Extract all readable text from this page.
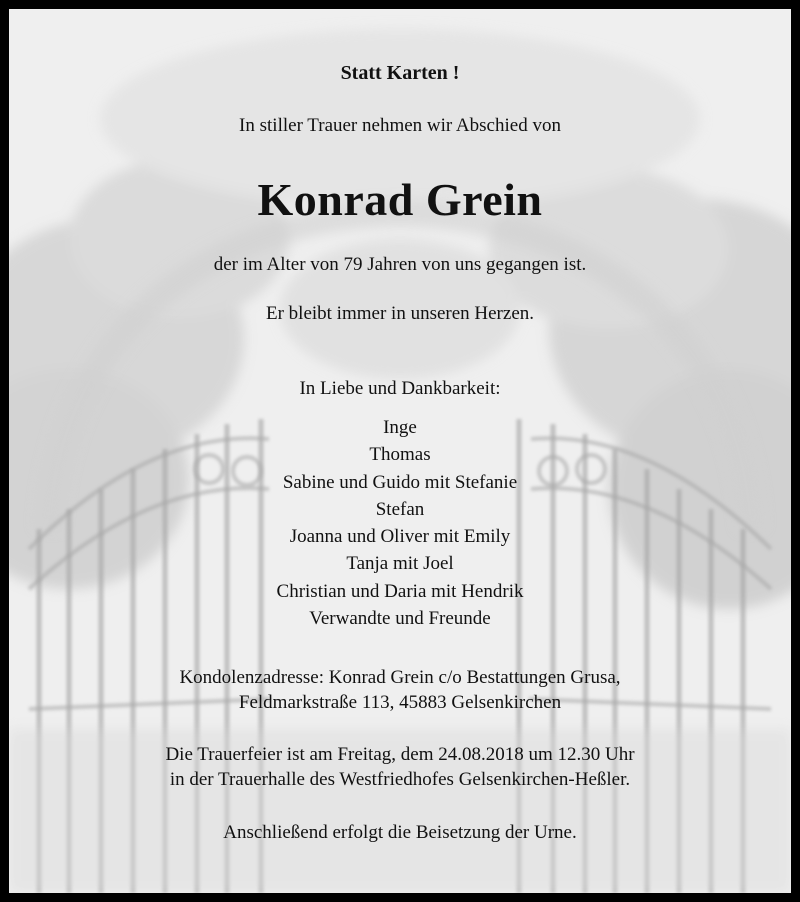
Statt Karten !
In stiller Trauer nehmen wir Abschied von
Konrad Grein
der im Alter von 79 Jahren von uns gegangen ist.
Er bleibt immer in unseren Herzen.
In Liebe und Dankbarkeit:
Inge
Thomas
Sabine und Guido mit Stefanie
Stefan
Joanna und Oliver mit Emily
Tanja mit Joel
Christian und Daria mit Hendrik
Verwandte und Freunde
Kondolenzadresse: Konrad Grein c/o Bestattungen Grusa,
Feldmarkstraße 113, 45883 Gelsenkirchen
Die Trauerfeier ist am Freitag, dem 24.08.2018 um 12.30 Uhr
in der Trauerhalle des Westfriedhofes Gelsenkirchen-Heßler.
Anschließend erfolgt die Beisetzung der Urne.
